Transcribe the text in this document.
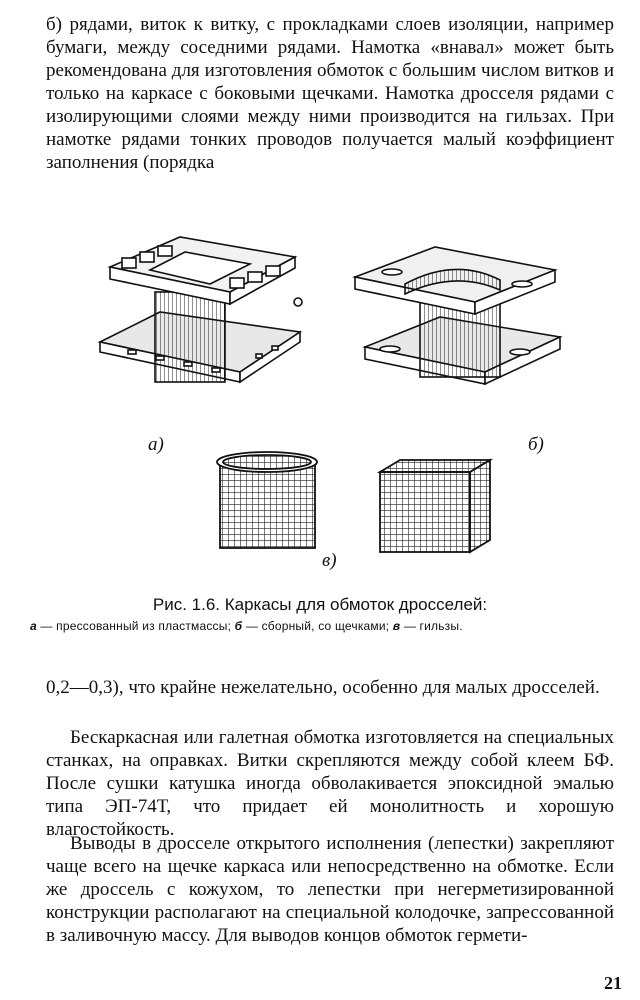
б) рядами, виток к витку, с прокладками слоев изоляции, например бумаги, между соседними рядами. Намотка «внавал» может быть рекомендована для изготовления обмоток с большим числом витков и только на каркасе с боковыми щечками. Намотка дросселя рядами с изолирующими слоями между ними производится на гильзах. При намотке рядами тонких проводов получается малый коэффициент заполнения (порядка

а)	б)
в)
Рис. 1.6. Каркасы для обмоток дросселей:
а — прессованный из пластмассы; б — сборный, со щечками; в — гильзы.

0,2—0,3), что крайне нежелательно, особенно для малых дросселей.

Бескаркасная или галетная обмотка изготовляется на специальных станках, на оправках. Витки скрепляются между собой клеем БФ. После сушки катушка иногда обволакивается эпоксидной эмалью типа ЭП-74Т, что придает ей монолитность и хорошую влагостойкость.

Выводы в дросселе открытого исполнения (лепестки) закрепляют чаще всего на щечке каркаса или непосредственно на обмотке. Если же дроссель с кожухом, то лепестки при негерметизированной конструкции располагают на специальной колодочке, запрессованной в заливочную массу. Для выводов концов обмоток гермети-

21
